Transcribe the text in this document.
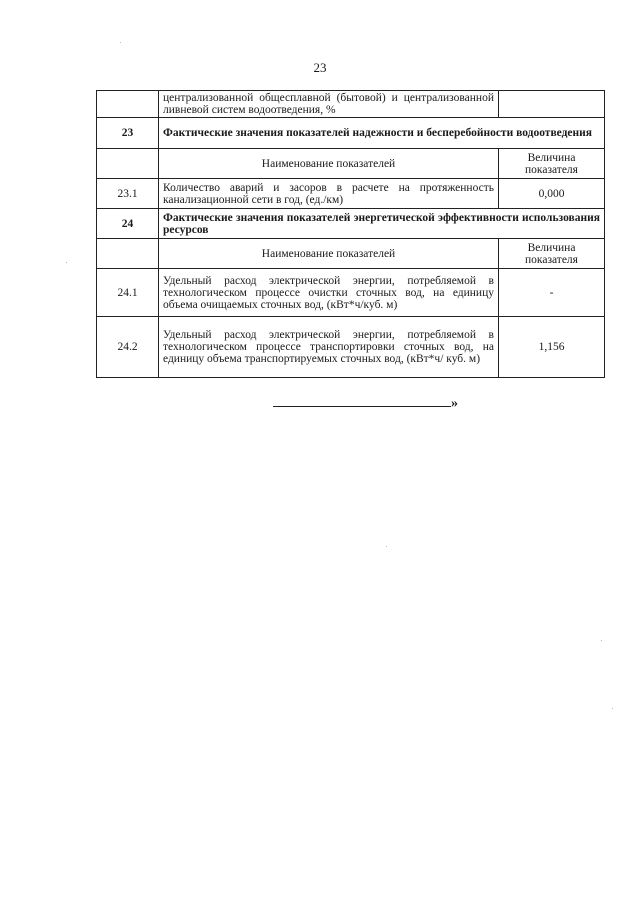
23
	централизованной общесплавной (бытовой) и централизованной ливневой систем водоотведения, %	
23	Фактические значения показателей надежности и бесперебойности водоотведения	
	Наименование показателей	Величина показателя
23.1	Количество аварий и засоров в расчете на протяженность канализационной сети в год, (ед./км)	0,000
24	Фактические значения показателей энергетической эффективности использования ресурсов	
	Наименование показателей	Величина показателя
24.1	Удельный расход электрической энергии, потребляемой в технологическом процессе очистки сточных вод, на единицу объема очищаемых сточных вод, (кВт*ч/куб. м)	-
24.2	Удельный расход электрической энергии, потребляемой в технологическом процессе транспортировки сточных вод, на единицу объема транспортируемых сточных вод, (кВт*ч/ куб. м)	1,156
»
